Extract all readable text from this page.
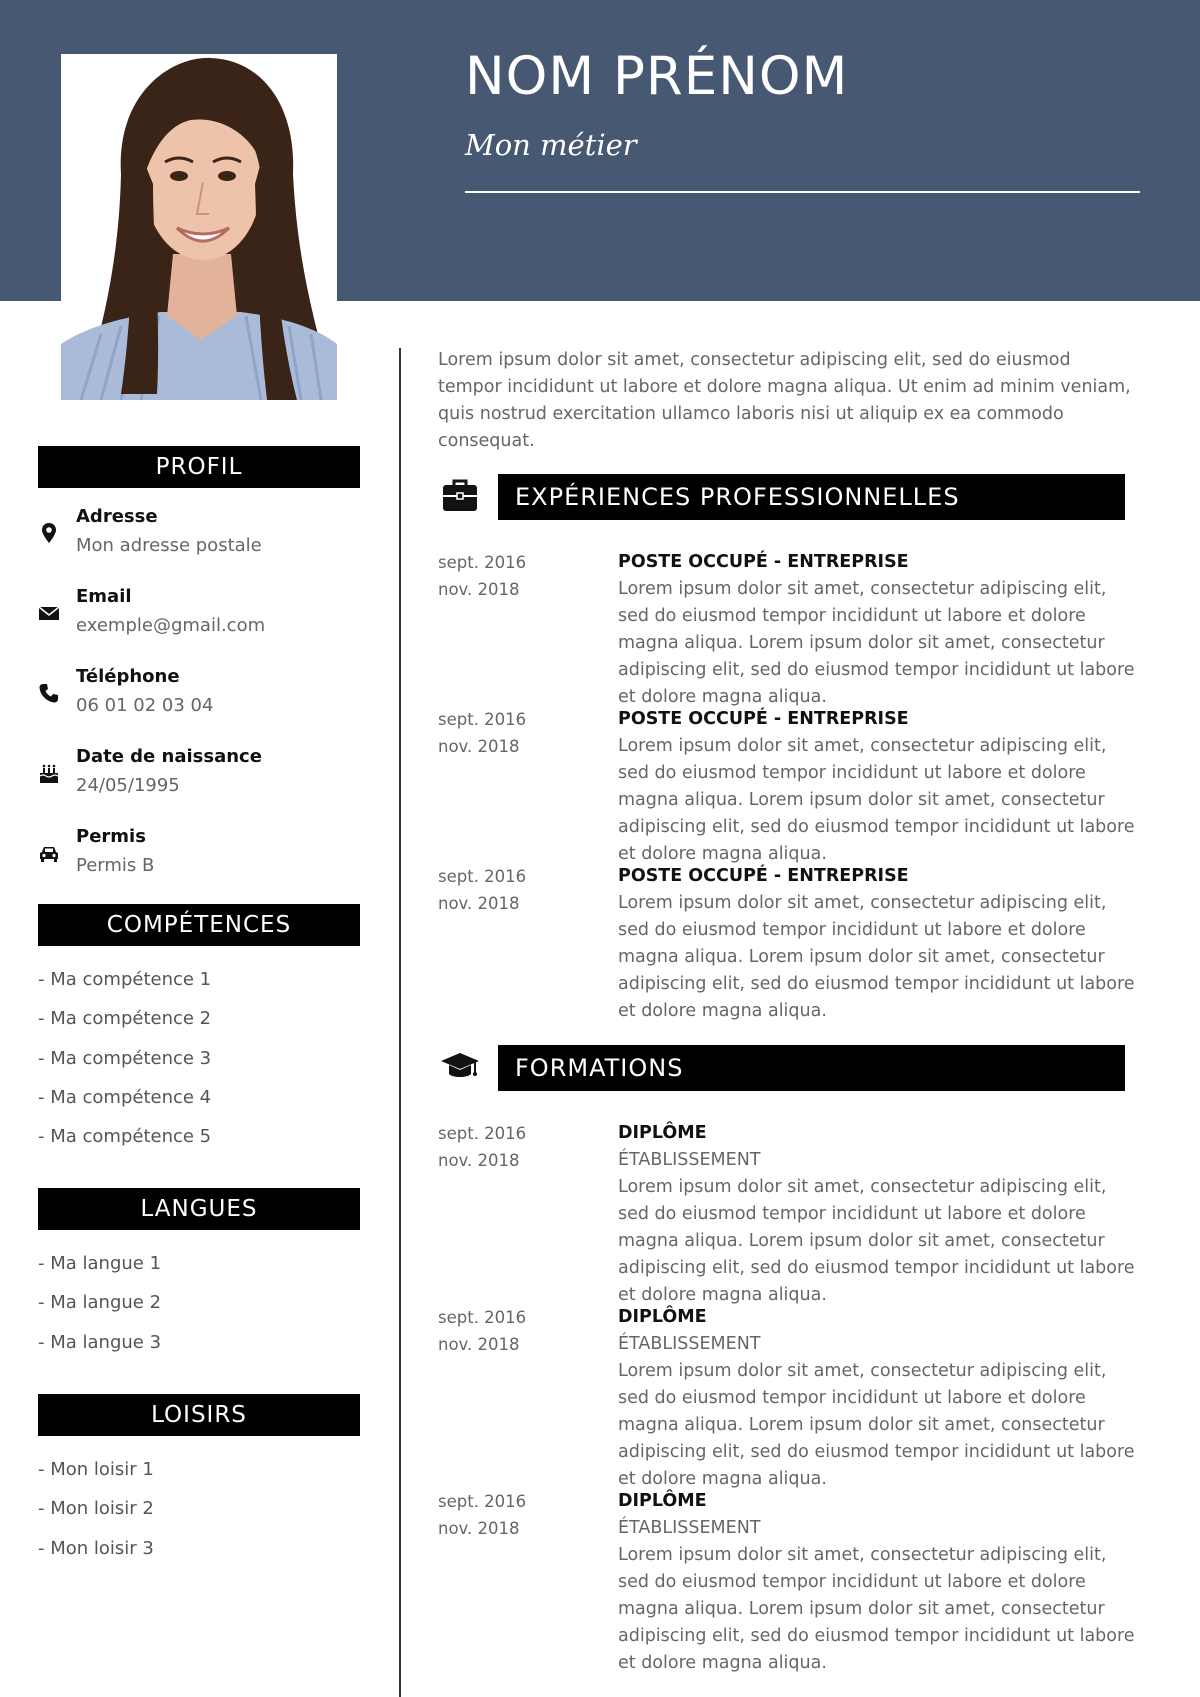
NOM PRÉNOM
Mon métier
PROFIL
Adresse
Mon adresse postale
Email
exemple@gmail.com
Téléphone
06 01 02 03 04
Date de naissance
24/05/1995
Permis
Permis B
COMPÉTENCES
- Ma compétence 1
- Ma compétence 2
- Ma compétence 3
- Ma compétence 4
- Ma compétence 5
LANGUES
- Ma langue 1
- Ma langue 2
- Ma langue 3
LOISIRS
- Mon loisir 1
- Mon loisir 2
- Mon loisir 3
Lorem ipsum dolor sit amet, consectetur adipiscing elit, sed do eiusmod tempor incididunt ut labore et dolore magna aliqua. Ut enim ad minim veniam, quis nostrud exercitation ullamco laboris nisi ut aliquip ex ea commodo consequat.
EXPÉRIENCES PROFESSIONNELLES
sept. 2016
nov. 2018
POSTE OCCUPÉ - ENTREPRISE
Lorem ipsum dolor sit amet, consectetur adipiscing elit, sed do eiusmod tempor incididunt ut labore et dolore magna aliqua. Lorem ipsum dolor sit amet, consectetur adipiscing elit, sed do eiusmod tempor incididunt ut labore et dolore magna aliqua.
sept. 2016
nov. 2018
POSTE OCCUPÉ - ENTREPRISE
Lorem ipsum dolor sit amet, consectetur adipiscing elit, sed do eiusmod tempor incididunt ut labore et dolore magna aliqua. Lorem ipsum dolor sit amet, consectetur adipiscing elit, sed do eiusmod tempor incididunt ut labore et dolore magna aliqua.
sept. 2016
nov. 2018
POSTE OCCUPÉ - ENTREPRISE
Lorem ipsum dolor sit amet, consectetur adipiscing elit, sed do eiusmod tempor incididunt ut labore et dolore magna aliqua. Lorem ipsum dolor sit amet, consectetur adipiscing elit, sed do eiusmod tempor incididunt ut labore et dolore magna aliqua.
FORMATIONS
sept. 2016
nov. 2018
DIPLÔME
ÉTABLISSEMENT
Lorem ipsum dolor sit amet, consectetur adipiscing elit, sed do eiusmod tempor incididunt ut labore et dolore magna aliqua. Lorem ipsum dolor sit amet, consectetur adipiscing elit, sed do eiusmod tempor incididunt ut labore et dolore magna aliqua.
sept. 2016
nov. 2018
DIPLÔME
ÉTABLISSEMENT
Lorem ipsum dolor sit amet, consectetur adipiscing elit, sed do eiusmod tempor incididunt ut labore et dolore magna aliqua. Lorem ipsum dolor sit amet, consectetur adipiscing elit, sed do eiusmod tempor incididunt ut labore et dolore magna aliqua.
sept. 2016
nov. 2018
DIPLÔME
ÉTABLISSEMENT
Lorem ipsum dolor sit amet, consectetur adipiscing elit, sed do eiusmod tempor incididunt ut labore et dolore magna aliqua. Lorem ipsum dolor sit amet, consectetur adipiscing elit, sed do eiusmod tempor incididunt ut labore et dolore magna aliqua.
